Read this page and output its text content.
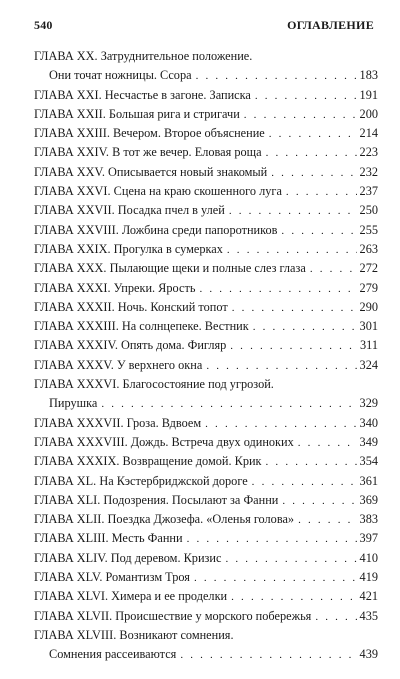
540	ОГЛАВЛЕНИЕ
ГЛАВА XX. Затруднительное положение.
Они точат ножницы. Ссора . . .	183
ГЛАВА XXI. Несчастье в загоне. Записка . . .	191
ГЛАВА XXII. Большая рига и стригачи . . .	200
ГЛАВА XXIII. Вечером. Второе объяснение . . .	214
ГЛАВА XXIV. В тот же вечер. Еловая роща . . .	223
ГЛАВА XXV. Описывается новый знакомый . . .	232
ГЛАВА XXVI. Сцена на краю скошенного луга . . .	237
ГЛАВА XXVII. Посадка пчел в улей . . .	250
ГЛАВА XXVIII. Ложбина среди папоротников . . .	255
ГЛАВА XXIX. Прогулка в сумерках . . .	263
ГЛАВА XXX. Пылающие щеки и полные слез глаза . . .	272
ГЛАВА XXXI. Упреки. Ярость . . .	279
ГЛАВА XXXII. Ночь. Конский топот . . .	290
ГЛАВА XXXIII. На солнцепеке. Вестник . . .	301
ГЛАВА XXXIV. Опять дома. Фигляр . . .	311
ГЛАВА XXXV. У верхнего окна . . .	324
ГЛАВА XXXVI. Благосостояние под угрозой.
Пирушка . . .	329
ГЛАВА XXXVII. Гроза. Вдвоем . . .	340
ГЛАВА XXXVIII. Дождь. Встреча двух одиноких . . .	349
ГЛАВА XXXIX. Возвращение домой. Крик . . .	354
ГЛАВА XL. На Кэстербриджской дороге . . .	361
ГЛАВА XLI. Подозрения. Посылают за Фанни . . .	369
ГЛАВА XLII. Поездка Джозефа. «Оленья голова» . . .	383
ГЛАВА XLIII. Месть Фанни . . .	397
ГЛАВА XLIV. Под деревом. Кризис . . .	410
ГЛАВА XLV. Романтизм Троя . . .	419
ГЛАВА XLVI. Химера и ее проделки . . .	421
ГЛАВА XLVII. Происшествие у морского побережья . . .	435
ГЛАВА XLVIII. Возникают сомнения.
Сомнения рассеиваются . . .	439
